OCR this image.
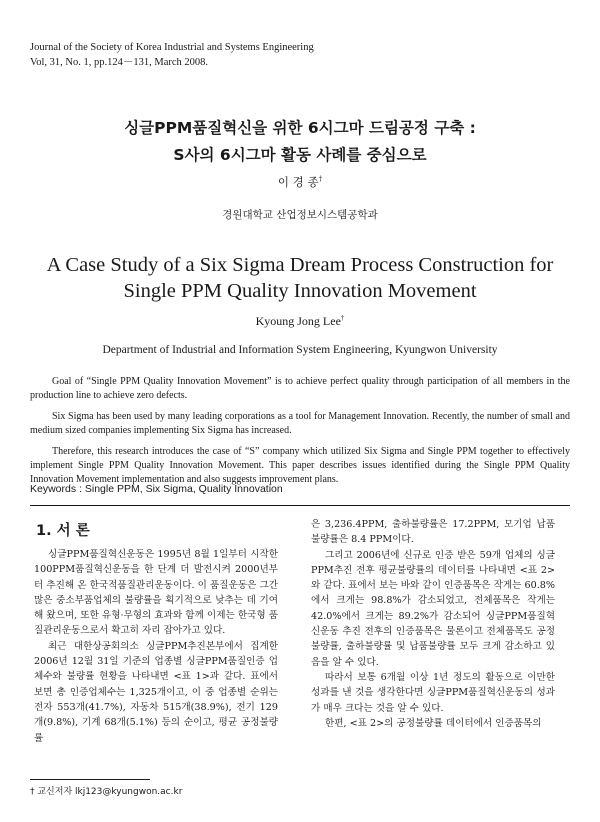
Journal of the Society of Korea Industrial and Systems Engineering
Vol, 31, No. 1, pp.124－131, March 2008.
싱글PPM품질혁신을 위한 6시그마 드림공정 구축 :
S사의 6시그마 활동 사례를 중심으로
이 경 종†
경원대학교 산업정보시스템공학과
A Case Study of a Six Sigma Dream Process Construction for
Single PPM Quality Innovation Movement
Kyoung Jong Lee†
Department of Industrial and Information System Engineering, Kyungwon University

Goal of “Single PPM Quality Innovation Movement” is to achieve perfect quality through participation of all members in the production line to achieve zero defects.

Six Sigma has been used by many leading corporations as a tool for Management Innovation. Recently, the number of small and medium sized companies implementing Six Sigma has increased.

Therefore, this research introduces the case of “S” company which utilized Six Sigma and Single PPM together to effectively implement Single PPM Quality Innovation Movement. This paper describes issues identified during the Single PPM Quality Innovation Movement implementation and also suggests improvement plans.

Keywords : Single PPM, Six Sigma, Quality Innovation
1. 서 론

싱글PPM품질혁신운동은 1995년 8월 1일부터 시작한 100PPM품질혁신운동을 한 단계 더 발전시켜 2000년부터 추진해 온 한국적품질관리운동이다. 이 품질운동은 그간 많은 중소부품업체의 불량률을 획기적으로 낮추는 데 기여해 왔으며, 또한 유형·무형의 효과와 함께 이제는 한국형 품질관리운동으로서 확고히 자리 잡아가고 있다.

최근 대한상공회의소 싱글PPM추진본부에서 집계한 2006년 12월 31일 기준의 업종별 싱글PPM품질인증 업체수와 불량률 현황을 나타내면 <표 1>과 같다. 표에서 보면 총 인증업체수는 1,325개이고, 이 중 업종별 순위는 전자 553개(41.7%), 자동차 515개(38.9%), 전기 129개(9.8%), 기계 68개(5.1%) 등의 순이고, 평균 공정불량률

은 3,236.4PPM, 출하불량률은 17.2PPM, 모기업 납품불량률은 8.4 PPM이다.

그리고 2006년에 신규로 인증 받은 59개 업체의 싱글PPM추진 전후 평균불량률의 데이터를 나타내면 <표 2>와 같다. 표에서 보는 바와 같이 인증품목은 작게는 60.8%에서 크게는 98.8%가 감소되었고, 전체품목은 작게는 42.0%에서 크게는 89.2%가 감소되어 싱글PPM품질혁신운동 추진 전후의 인증품목은 물론이고 전체품목도 공정불량률, 출하불량률 및 납품불량률 모두 크게 감소하고 있음을 알 수 있다.

따라서 보통 6개월 이상 1년 정도의 활동으로 이만한 성과를 낸 것을 생각한다면 싱글PPM품질혁신운동의 성과가 매우 크다는 것을 알 수 있다.

한편, <표 2>의 공정불량률 데이터에서 인증품목의

† 교신저자 lkj123@kyungwon.ac.kr
